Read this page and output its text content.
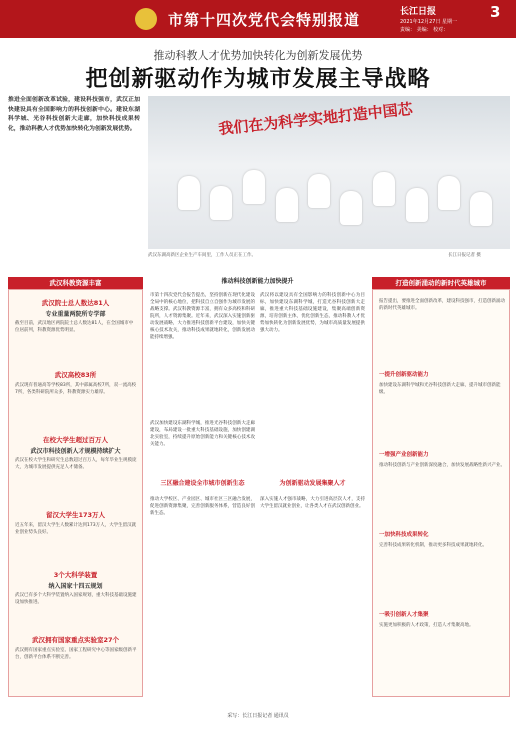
市第十四次党代会特别报道	长江日报	3
2021年12月27日 星期一
责编： 美编： 校对：
推动科教人才优势加快转化为创新发展优势
把创新驱动作为城市发展主导战略
推进全面创新改革试验，建设科技强市，武汉正加快建设具有全国影响力的科技创新中心。建设东湖科学城、光谷科技创新大走廊，加快科技成果转化，推动科教人才优势加快转化为创新发展优势。	我们在为科学实地打造中国芯
武汉东湖高新区企业生产车间里，工作人员正在工作。	长江日报记者 摄
武汉科教资源丰富
武汉院士总人数达81人
专业重量两院所专学部
截至目前，武汉地区两院院士总人数达81人，在全国城市中位居前列，科教资源优势明显。
武汉高校83所
武汉现有普通高等学校83所，其中部属高校7所，双一流高校7所，各类科研院所众多，科教资源实力雄厚。
在校大学生超过百万人
武汉市科技创新人才规模持续扩大
武汉在校大学生和研究生总数超过百万人，每年毕业生规模庞大，为城市发展提供充足人才储备。
留汉大学生173万人
近五年来，留汉大学生人数累计达到173万人，大学生留汉就业创业势头良好。
3个大科学装置
纳入国家十四五规划
武汉已有多个大科学装置纳入国家规划，重大科技基础设施建设加快推进。
武汉拥有国家重点实验室27个
武汉拥有国家重点实验室、国家工程研究中心等国家级创新平台，创新平台体系不断完善。
推动科技创新能力加快提升
市第十四次党代会报告提出，坚持创新在现代化建设全局中的核心地位，把科技自立自强作为城市发展的战略支撑。武汉科教资源丰富，拥有众多高校和科研院所，人才资源集聚。近年来，武汉深入实施创新驱动发展战略，大力推进科技创新平台建设，加快关键核心技术攻关，推动科技成果就地转化，创新发展动能持续增强。
武汉将以建设具有全国影响力的科技创新中心为目标，加快建设东湖科学城，打造光谷科技创新大走廊，推进重大科技基础设施建设，集聚高端创新资源，培育创新主体，优化创新生态，推动科教人才优势加快转化为创新发展优势，为城市高质量发展提供强大动力。
武汉加快建设东湖科学城，推进光谷科技创新大走廊建设，布局建设一批重大科技基础设施，加快创建湖北实验室，持续提升原始创新能力和关键核心技术攻关能力。
三区融合建设全市城市创新生态
推动大学校区、产业园区、城市社区三区融合发展，促进创新资源集聚，完善创新服务体系，营造良好创新生态。
为创新驱动发展集聚人才
深入实施人才强市战略，大力引进高层次人才，支持大学生留汉就业创业，让各类人才在武汉创新创业。
打造创新涌动的新时代英雄城市
报告提出，要推进全面创新改革，建设科技强市，打造创新涌动的新时代英雄城市。
一提升创新驱动能力
加快建设东湖科学城和光谷科技创新大走廊，提升城市创新能级。
一增强产业创新能力
推动科技创新与产业创新深度融合，加快发展战略性新兴产业。
一加快科技成果转化
完善科技成果转化机制，推动更多科技成果就地转化。
一吸引创新人才集聚
实施更加积极的人才政策，打造人才集聚高地。
采写：长江日报记者 通讯员
